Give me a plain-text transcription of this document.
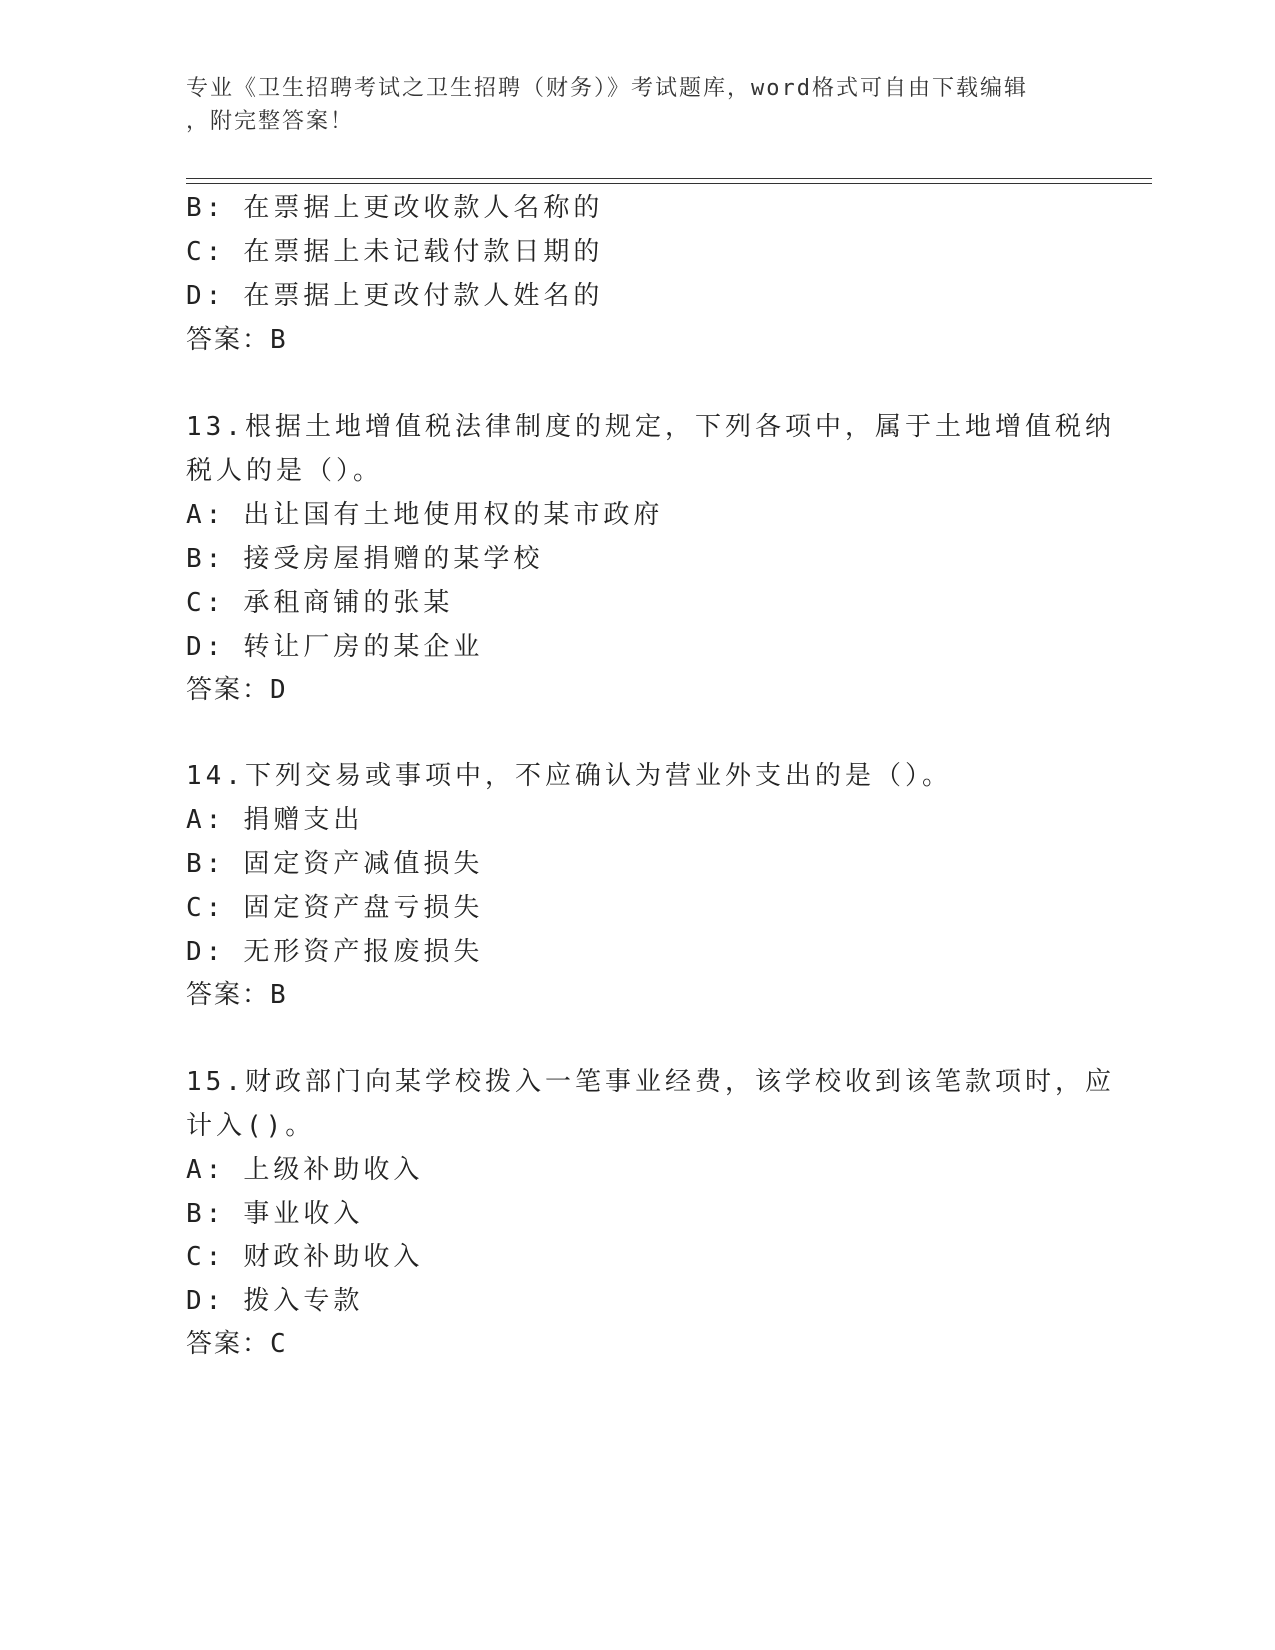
专业《卫生招聘考试之卫生招聘（财务）》考试题库，word格式可自由下载编辑
，附完整答案！
B: 在票据上更改收款人名称的
C: 在票据上未记载付款日期的
D: 在票据上更改付款人姓名的
答案：B
13.根据土地增值税法律制度的规定，下列各项中，属于土地增值税纳
税人的是（）。
A: 出让国有土地使用权的某市政府
B: 接受房屋捐赠的某学校
C: 承租商铺的张某
D: 转让厂房的某企业
答案：D
14.下列交易或事项中，不应确认为营业外支出的是（）。
A: 捐赠支出
B: 固定资产减值损失
C: 固定资产盘亏损失
D: 无形资产报废损失
答案：B
15.财政部门向某学校拨入一笔事业经费，该学校收到该笔款项时，应
计入()。
A: 上级补助收入
B: 事业收入
C: 财政补助收入
D: 拨入专款
答案：C
